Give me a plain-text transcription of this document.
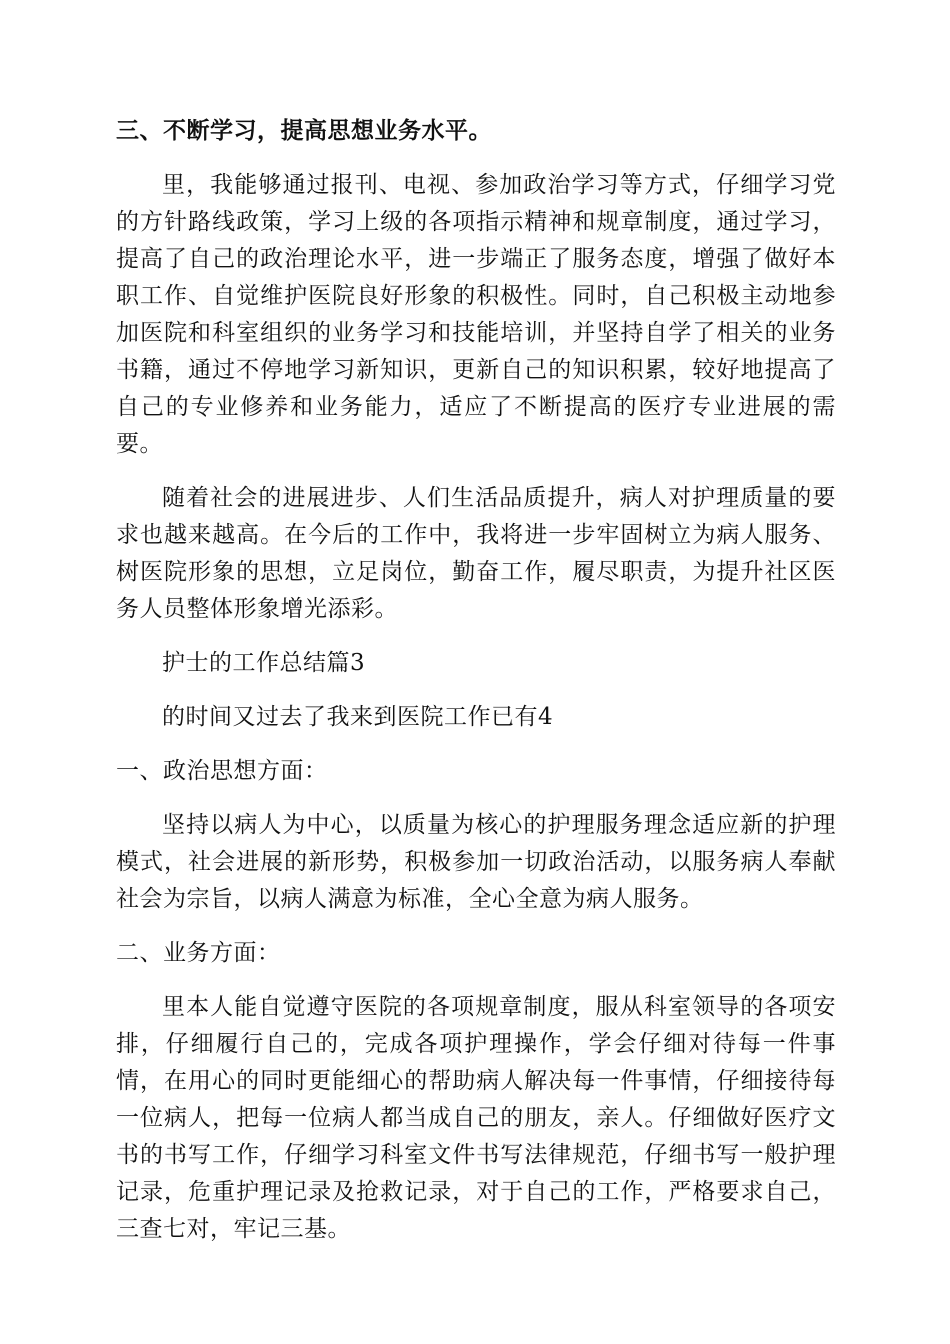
三、不断学习，提高思想业务水平。

里，我能够通过报刊、电视、参加政治学习等方式，仔细学习党的方针路线政策，学习上级的各项指示精神和规章制度，通过学习，提高了自己的政治理论水平，进一步端正了服务态度，增强了做好本职工作、自觉维护医院良好形象的积极性。同时，自己积极主动地参加医院和科室组织的业务学习和技能培训，并坚持自学了相关的业务书籍，通过不停地学习新知识，更新自己的知识积累，较好地提高了自己的专业修养和业务能力，适应了不断提高的医疗专业进展的需要。

随着社会的进展进步、人们生活品质提升，病人对护理质量的要求也越来越高。在今后的工作中，我将进一步牢固树立为病人服务、树医院形象的思想，立足岗位，勤奋工作，履尽职责，为提升社区医务人员整体形象增光添彩。

护士的工作总结篇3

的时间又过去了我来到医院工作已有4

一、政治思想方面：

坚持以病人为中心，以质量为核心的护理服务理念适应新的护理模式，社会进展的新形势，积极参加一切政治活动，以服务病人奉献社会为宗旨，以病人满意为标准，全心全意为病人服务。

二、业务方面：

里本人能自觉遵守医院的各项规章制度，服从科室领导的各项安排，仔细履行自己的，完成各项护理操作，学会仔细对待每一件事情，在用心的同时更能细心的帮助病人解决每一件事情，仔细接待每一位病人，把每一位病人都当成自己的朋友，亲人。仔细做好医疗文书的书写工作，仔细学习科室文件书写法律规范，仔细书写一般护理记录，危重护理记录及抢救记录，对于自己的工作，严格要求自己，三查七对，牢记三基。
